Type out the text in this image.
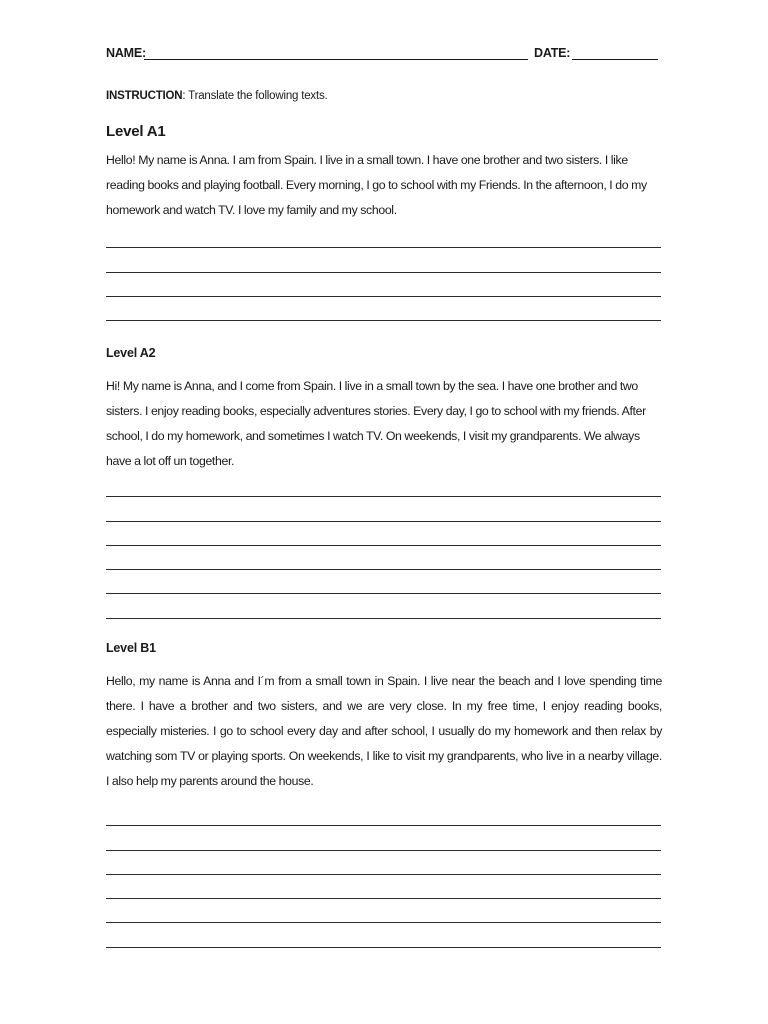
NAME:	DATE:
INSTRUCTION: Translate the following texts.
Level A1

Hello! My name is Anna. I am from Spain. I live in a small town. I have one brother and two sisters. I like reading books and playing football. Every morning, I go to school with my Friends. In the afternoon, I do my homework and watch TV. I love my family and my school.

Level A2

Hi! My name is Anna, and I come from Spain. I live in a small town by the sea. I have one brother and two sisters. I enjoy reading books, especially adventures stories. Every day, I go to school with my friends. After school, I do my homework, and sometimes I watch TV. On weekends, I visit my grandparents. We always have a lot off un together.

Level B1

Hello, my name is Anna and I´m from a small town in Spain. I live near the beach and I love spending time there. I have a brother and two sisters, and we are very close. In my free time, I enjoy reading books, especially misteries. I go to school every day and after school, I usually do my homework and then relax by watching som TV or playing sports. On weekends, I like to visit my grandparents, who live in a nearby village. I also help my parents around the house.
